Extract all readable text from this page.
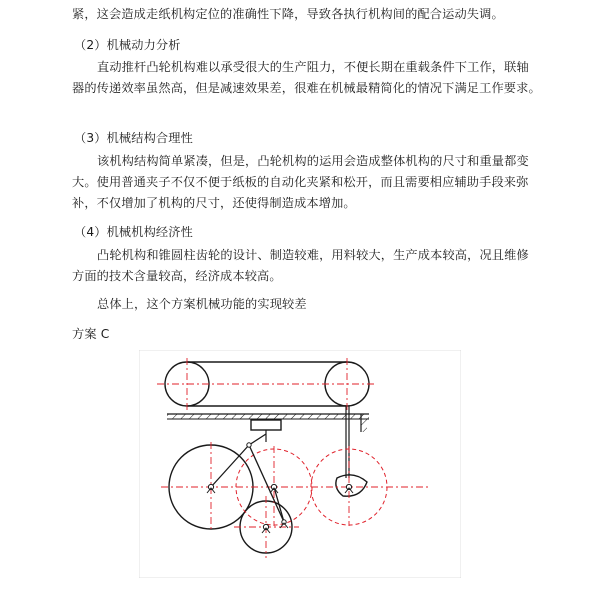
紧，这会造成走纸机构定位的准确性下降，导致各执行机构间的配合运动失调。
（2）机械动力分析
直动推杆凸轮机构难以承受很大的生产阻力，不便长期在重载条件下工作，联轴
器的传递效率虽然高，但是减速效果差，很难在机械最精简化的情况下满足工作要求。
（3）机械结构合理性
该机构结构简单紧凑，但是，凸轮机构的运用会造成整体机构的尺寸和重量都变
大。使用普通夹子不仅不便于纸板的自动化夹紧和松开，而且需要相应辅助手段来弥
补，不仅增加了机构的尺寸，还使得制造成本增加。
（4）机械机构经济性
凸轮机构和锥圆柱齿轮的设计、制造较难，用料较大，生产成本较高，况且维修
方面的技术含量较高，经济成本较高。
总体上，这个方案机械功能的实现较差
方案 C
